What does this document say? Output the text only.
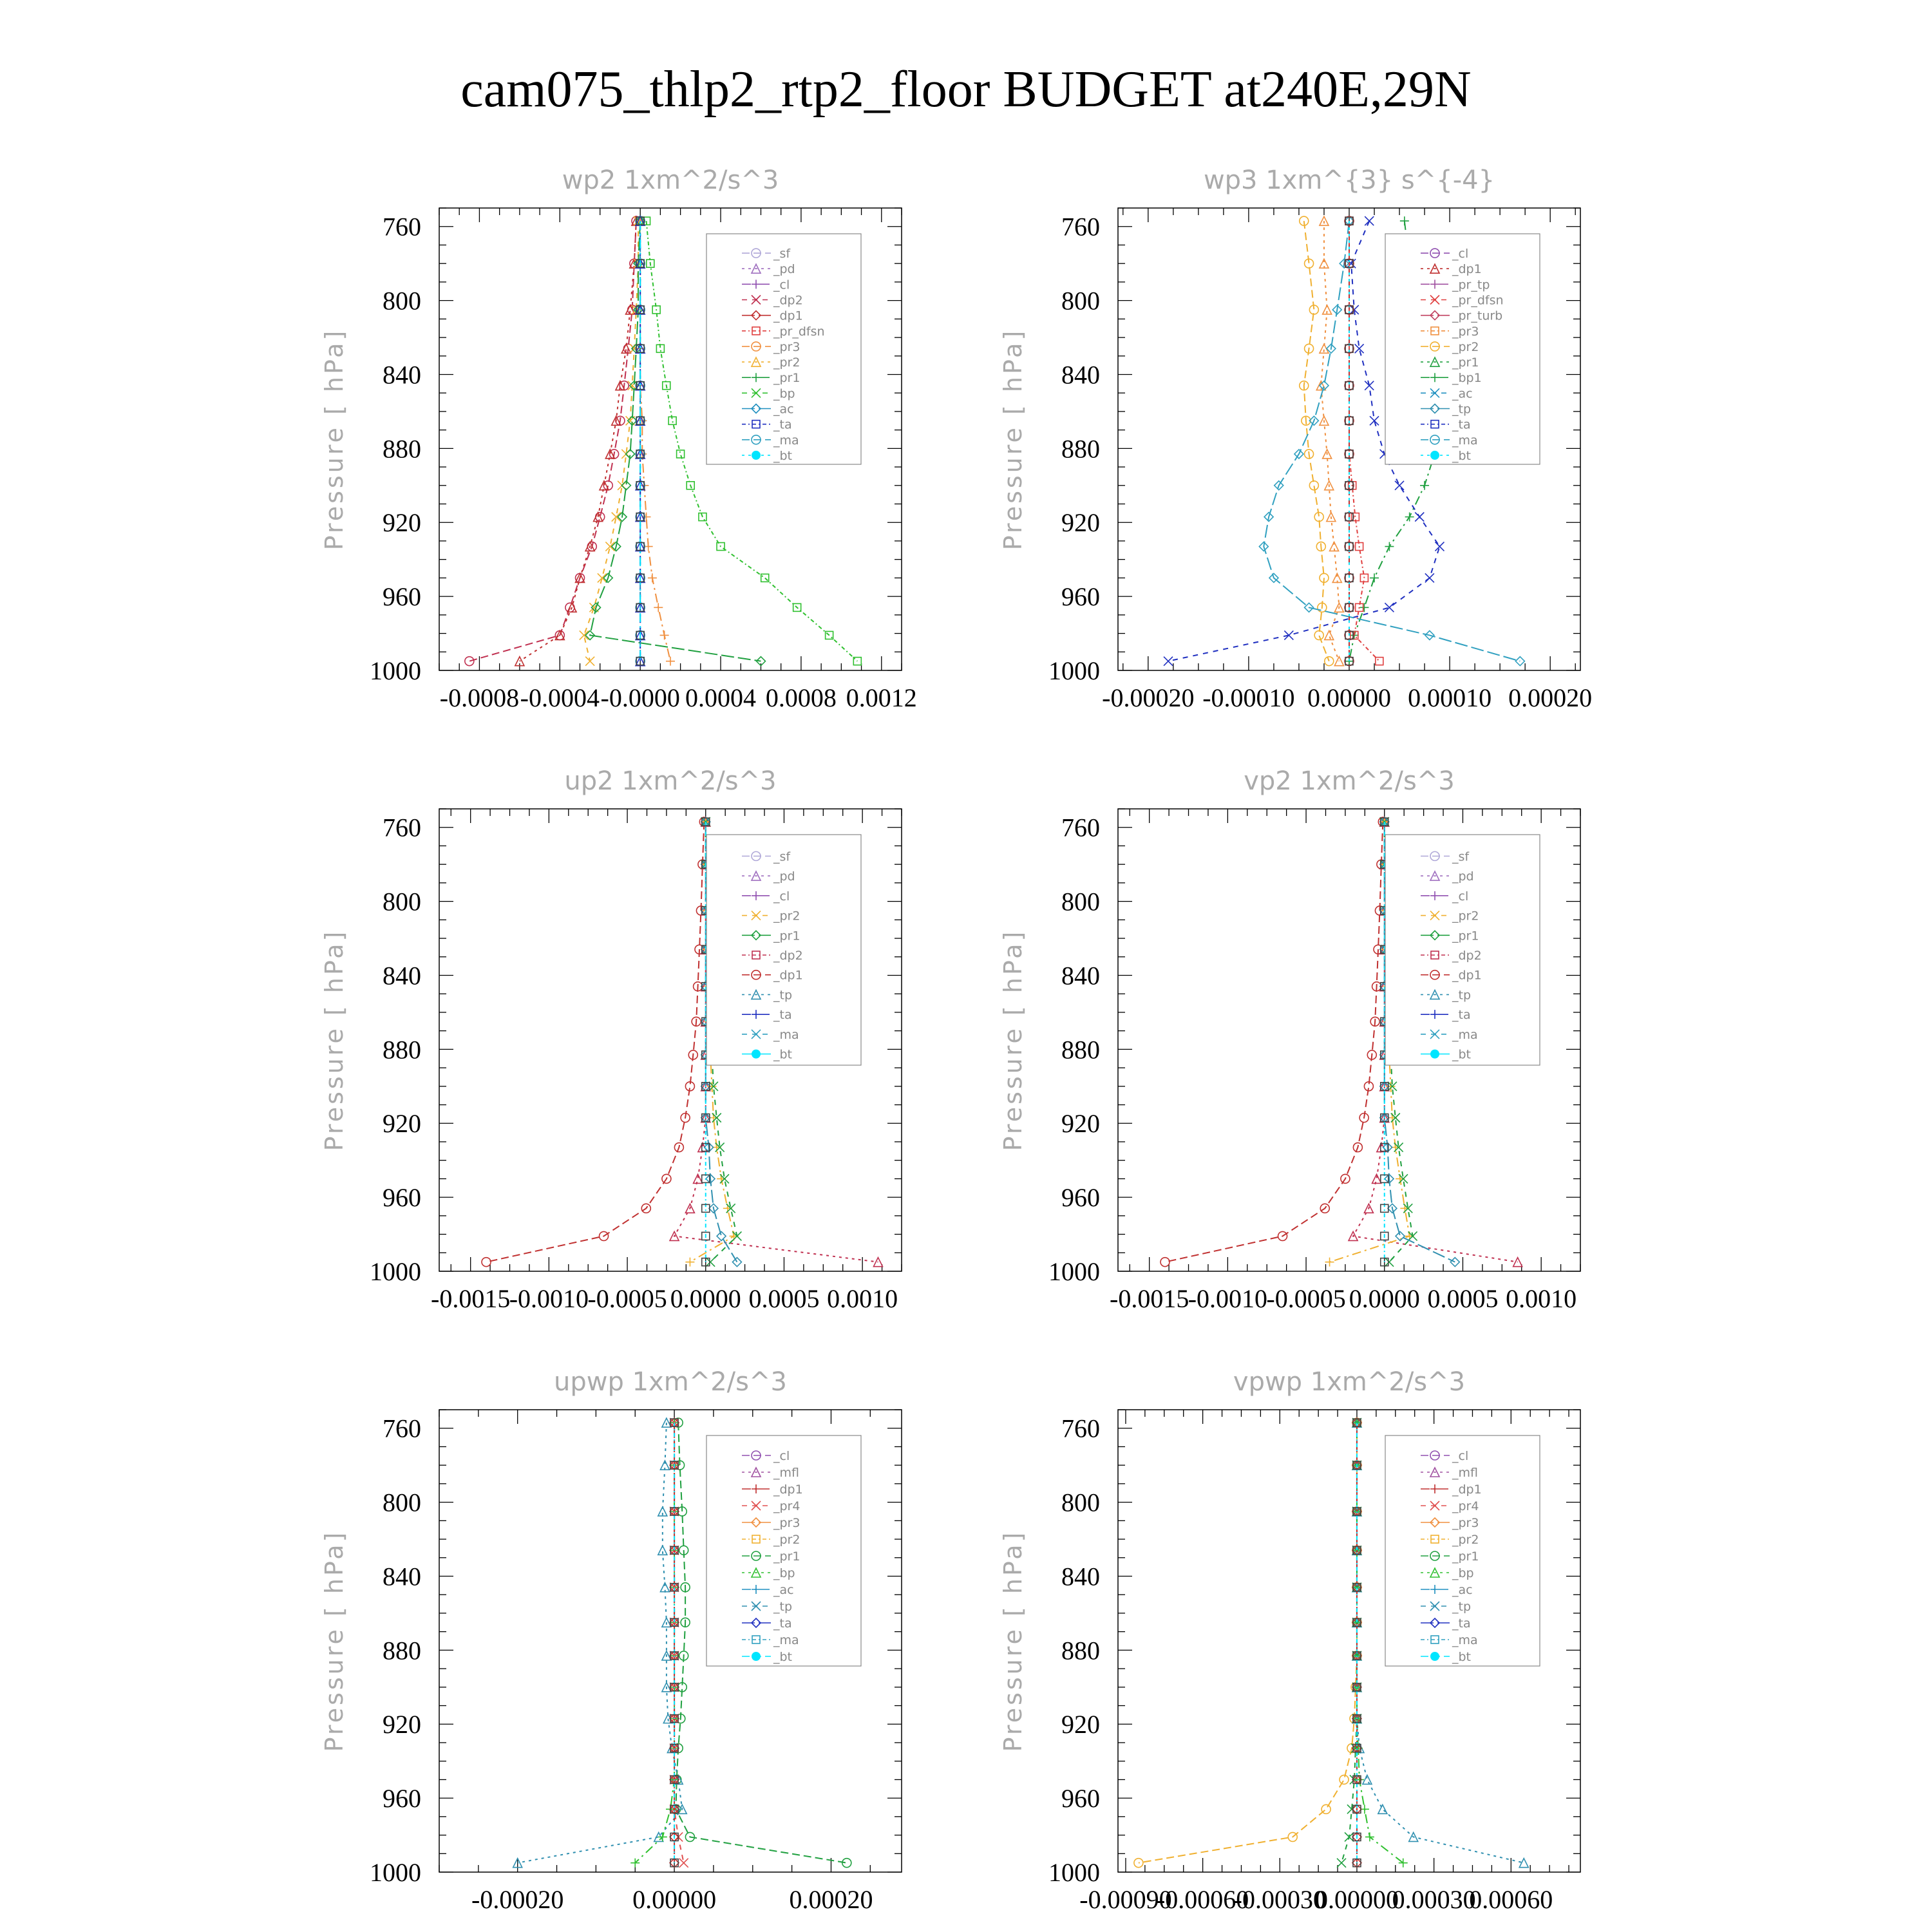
cam075_thlp2_rtp2_floor BUDGET at240E,29N
wp2 1xm^2/s^3
Pressure [ hPa]
760
800
840
880
920
960
1000
-0.0008 -0.0004 -0.0000 0.0004 0.0008 0.0012
_sf
_pd
_cl
_dp2
_dp1
_pr_dfsn
_pr3
_pr2
_pr1
_bp
_ac
_ta
_ma
_bt
wp3 1xm^{3} s^{-4}
Pressure [ hPa]
760
800
840
880
920
960
1000
-0.00020 -0.00010 0.00000 0.00010 0.00020
_cl
_dp1
_pr_tp
_pr_dfsn
_pr_turb
_pr3
_pr2
_pr1
_bp1
_ac
_tp
_ta
_ma
_bt
up2 1xm^2/s^3
Pressure [ hPa]
760
800
840
880
920
960
1000
-0.0015
-0.0010
-0.0005 0.0000 0.0005 0.0010
_sf
_pd
_cl
_pr2
_pr1
_dp2
_dp1
_tp
_ta
_ma
_bt
vp2 1xm^2/s^3
Pressure [ hPa]
760
800
840
880
920
960
1000
-0.0015
-0.0010
-0.0005 0.0000 0.0005 0.0010
_sf
_pd
_cl
_pr2
_pr1
_dp2
_dp1
_tp
_ta
_ma
_bt
upwp 1xm^2/s^3
Pressure [ hPa]
760
800
840
880
920
960
1000
-0.00020	0.00000	0.00020
_cl
_mfl
_dp1
_pr4
_pr3
_pr2
_pr1
_bp
_ac
_tp
_ta
_ma
_bt
vpwp 1xm^2/s^3
Pressure [ hPa]
760
800
840
880
920
960
1000
-0.00090
-0.00060
-0.00030
0.00000
0.00030
0.00060
_cl
_mfl
_dp1
_pr4
_pr3
_pr2
_pr1
_bp
_ac
_tp
_ta
_ma
_bt
